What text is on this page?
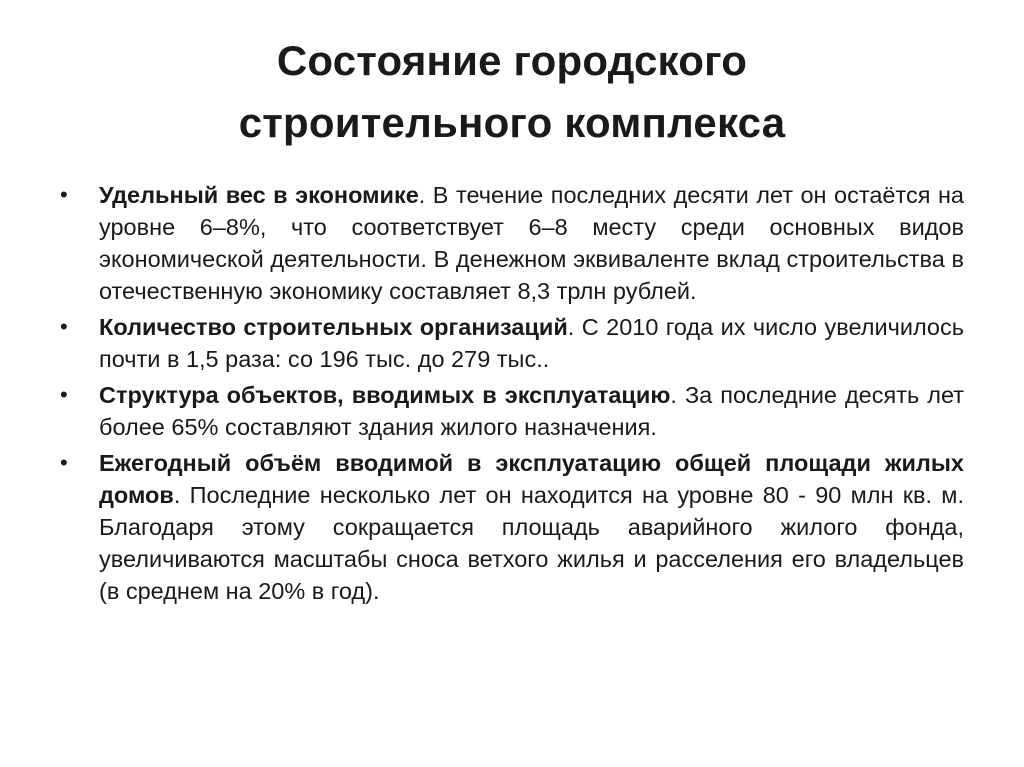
Состояние городского
строительного комплекса
• Удельный вес в экономике. В течение последних десяти лет он остаётся на уровне 6–8%, что соответствует 6–8 месту среди основных видов экономической деятельности. В денежном эквиваленте вклад строительства в отечественную экономику составляет 8,3 трлн рублей.
• Количество строительных организаций. С 2010 года их число увеличилось почти в 1,5 раза: со 196 тыс. до 279 тыс..
• Структура объектов, вводимых в эксплуатацию. За последние десять лет более 65% составляют здания жилого назначения.
• Ежегодный объём вводимой в эксплуатацию общей площади жилых домов. Последние несколько лет он находится на уровне 80 - 90 млн кв. м. Благодаря этому сокращается площадь аварийного жилого фонда, увеличиваются масштабы сноса ветхого жилья и расселения его владельцев (в среднем на 20% в год).
